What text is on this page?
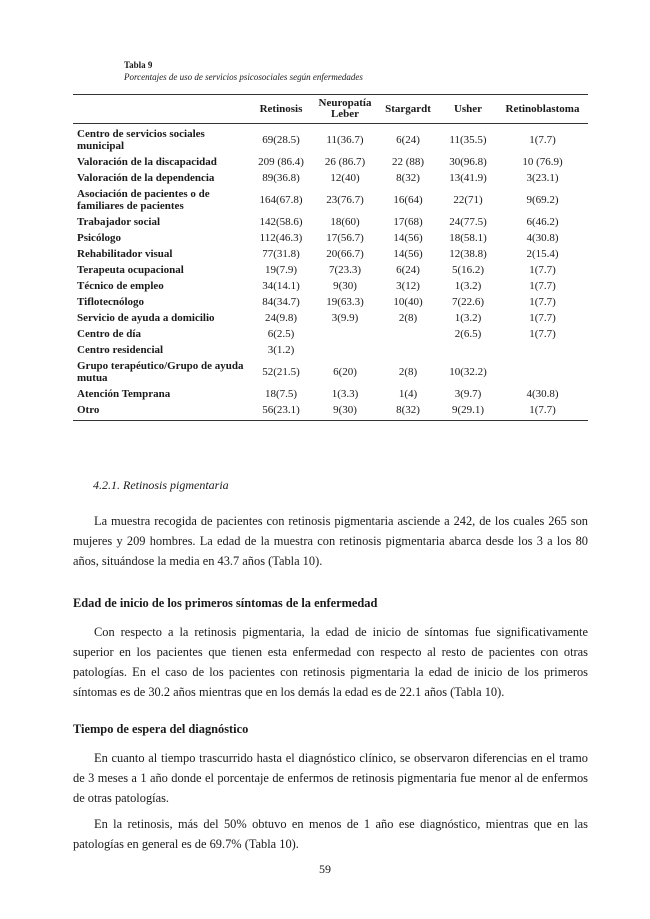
Tabla 9
Porcentajes de uso de servicios psicosociales según enfermedades
	Retinosis	Neuropatía Leber	Stargardt	Usher	Retinoblastoma
Centro de servicios sociales municipal	69(28.5)	11(36.7)	6(24)	11(35.5)	1(7.7)
Valoración de la discapacidad	209 (86.4)	26 (86.7)	22 (88)	30(96.8)	10 (76.9)
Valoración de la dependencia	89(36.8)	12(40)	8(32)	13(41.9)	3(23.1)
Asociación de pacientes o de familiares de pacientes	164(67.8)	23(76.7)	16(64)	22(71)	9(69.2)
Trabajador social	142(58.6)	18(60)	17(68)	24(77.5)	6(46.2)
Psicólogo	112(46.3)	17(56.7)	14(56)	18(58.1)	4(30.8)
Rehabilitador visual	77(31.8)	20(66.7)	14(56)	12(38.8)	2(15.4)
Terapeuta ocupacional	19(7.9)	7(23.3)	6(24)	5(16.2)	1(7.7)
Técnico de empleo	34(14.1)	9(30)	3(12)	1(3.2)	1(7.7)
Tiflotecnólogo	84(34.7)	19(63.3)	10(40)	7(22.6)	1(7.7)
Servicio de ayuda a domicilio	24(9.8)	3(9.9)	2(8)	1(3.2)	1(7.7)
Centro de día	6(2.5)			2(6.5)	1(7.7)
Centro residencial	3(1.2)				
Grupo terapéutico/Grupo de ayuda mutua	52(21.5)	6(20)	2(8)	10(32.2)	
Atención Temprana	18(7.5)	1(3.3)	1(4)	3(9.7)	4(30.8)
Otro	56(23.1)	9(30)	8(32)	9(29.1)	1(7.7)
4.2.1. Retinosis pigmentaria
La muestra recogida de pacientes con retinosis pigmentaria asciende a 242, de los cuales 265 son mujeres y 209 hombres. La edad de la muestra con retinosis pigmentaria abarca desde los 3 a los 80 años, situándose la media en 43.7 años (Tabla 10).
Edad de inicio de los primeros síntomas de la enfermedad
Con respecto a la retinosis pigmentaria, la edad de inicio de síntomas fue significativamente superior en los pacientes que tienen esta enfermedad con respecto al resto de pacientes con otras patologías. En el caso de los pacientes con retinosis pigmentaria la edad de inicio de los primeros síntomas es de 30.2 años mientras que en los demás la edad es de 22.1 años (Tabla 10).
Tiempo de espera del diagnóstico
En cuanto al tiempo trascurrido hasta el diagnóstico clínico, se observaron diferencias en el tramo de 3 meses a 1 año donde el porcentaje de enfermos de retinosis pigmentaria fue menor al de enfermos de otras patologías.
En la retinosis, más del 50% obtuvo en menos de 1 año ese diagnóstico, mientras que en las patologías en general es de 69.7% (Tabla 10).
59
